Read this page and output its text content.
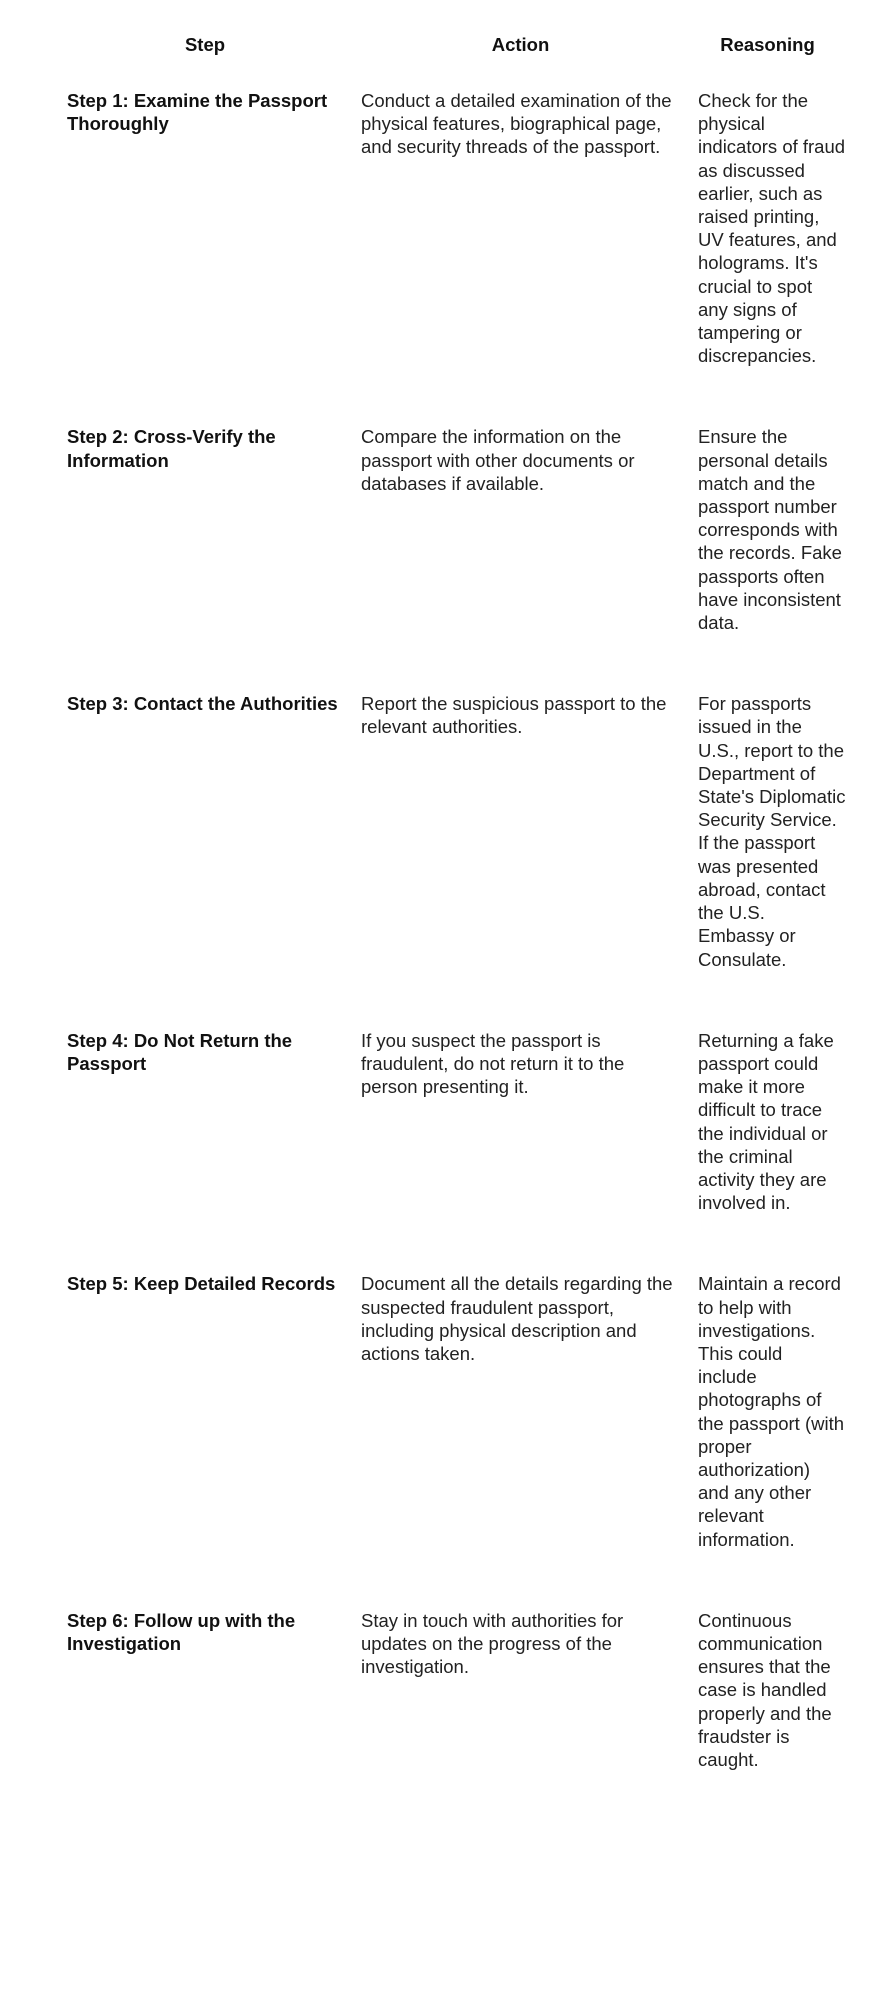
Step	Action	Reasoning
Step 1: Examine the Passport Thoroughly	Conduct a detailed examination of the physical features, biographical page, and security threads of the passport.	Check for the physical indicators of fraud as discussed earlier, such as raised printing, UV features, and holograms. It's crucial to spot any signs of tampering or discrepancies.
Step 2: Cross-Verify the Information	Compare the information on the passport with other documents or databases if available.	Ensure the personal details match and the passport number corresponds with the records. Fake passports often have inconsistent data.
Step 3: Contact the Authorities	Report the suspicious passport to the relevant authorities.	For passports issued in the U.S., report to the Department of State's Diplomatic Security Service. If the passport was presented abroad, contact the U.S. Embassy or Consulate.
Step 4: Do Not Return the Passport	If you suspect the passport is fraudulent, do not return it to the person presenting it.	Returning a fake passport could make it more difficult to trace the individual or the criminal activity they are involved in.
Step 5: Keep Detailed Records	Document all the details regarding the suspected fraudulent passport, including physical description and actions taken.	Maintain a record to help with investigations. This could include photographs of the passport (with proper authorization) and any other relevant information.
Step 6: Follow up with the Investigation	Stay in touch with authorities for updates on the progress of the investigation.	Continuous communication ensures that the case is handled properly and the fraudster is caught.
